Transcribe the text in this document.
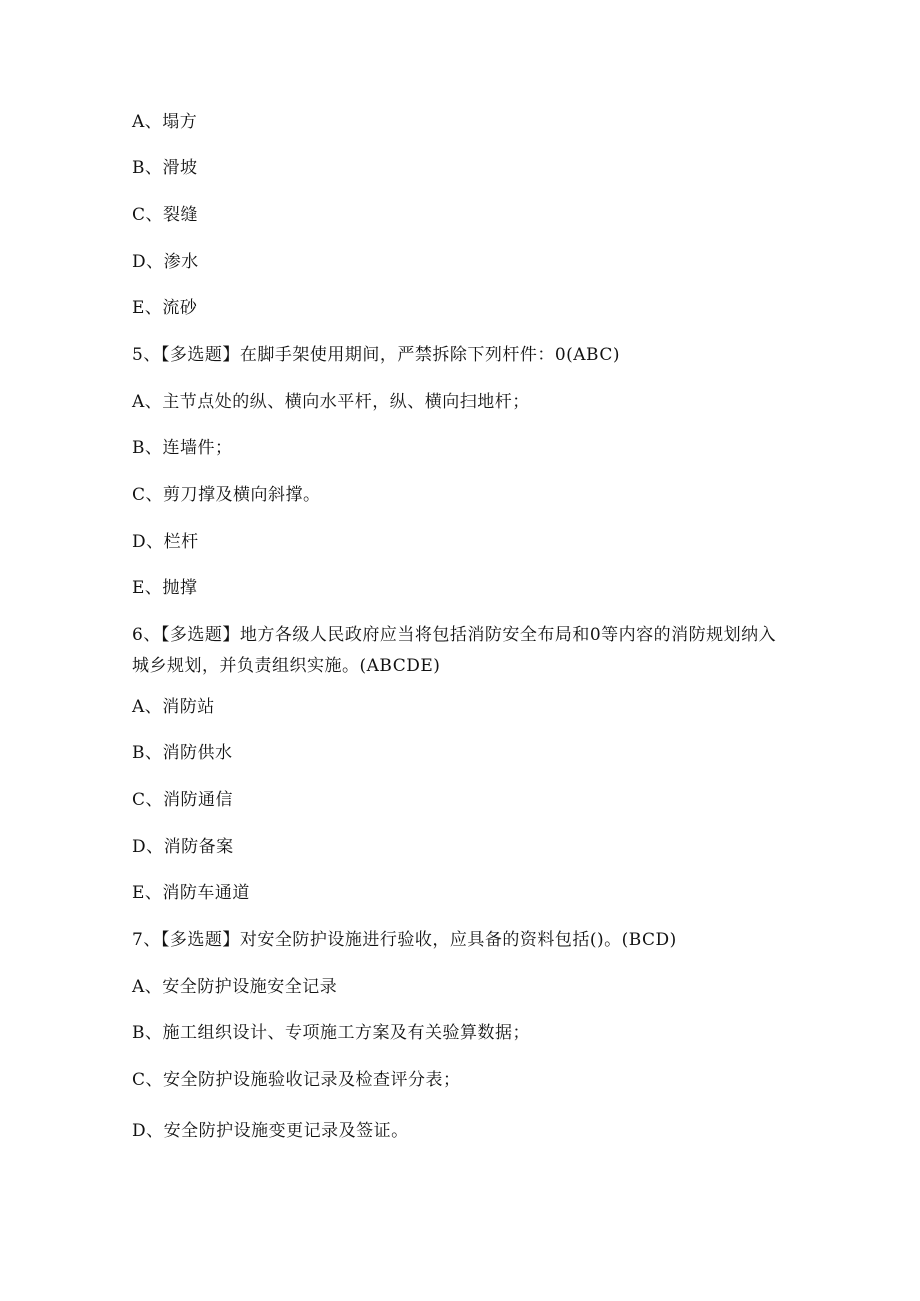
A、塌方
B、滑坡
C、裂缝
D、渗水
E、流砂
5、【多选题】在脚手架使用期间，严禁拆除下列杆件：0(ABC)
A、主节点处的纵、横向水平杆，纵、横向扫地杆；
B、连墙件；
C、剪刀撑及横向斜撑。
D、栏杆
E、抛撑
6、【多选题】地方各级人民政府应当将包括消防安全布局和0等内容的消防规划纳入城乡规划，并负责组织实施。(ABCDE)
A、消防站
B、消防供水
C、消防通信
D、消防备案
E、消防车通道
7、【多选题】对安全防护设施进行验收，应具备的资料包括()。(BCD)
A、安全防护设施安全记录
B、施工组织设计、专项施工方案及有关验算数据；
C、安全防护设施验收记录及检查评分表；
D、安全防护设施变更记录及签证。
